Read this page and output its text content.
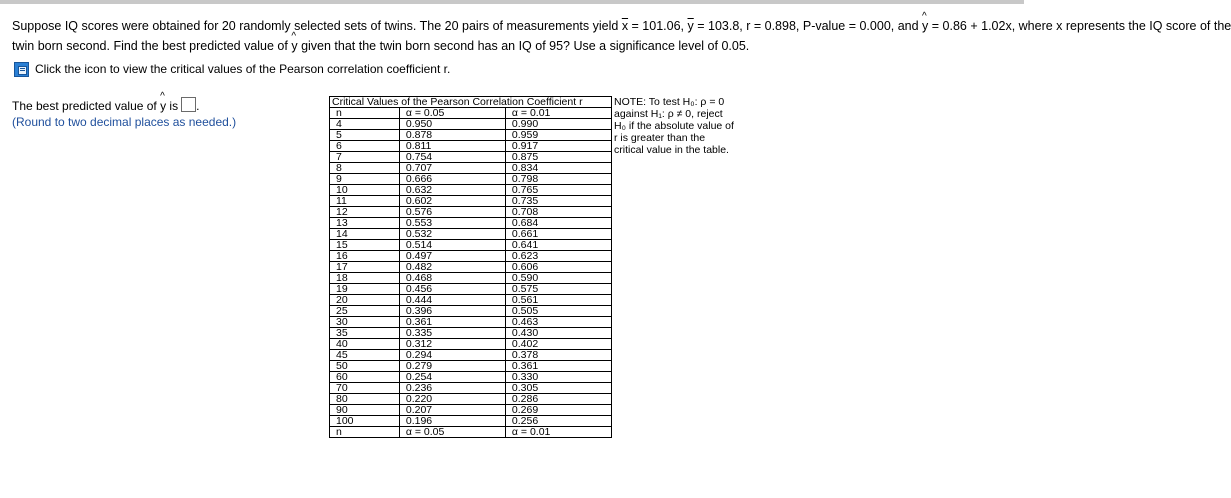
Suppose IQ scores were obtained for 20 randomly selected sets of twins. The 20 pairs of measurements yield $\overline{x} = 101.06$, $\overline{y} = 103.8$, r = 0.898, P-value = 0.000, and
^
y = 0.86 + 1.02x, where x represents the IQ score of the
twin born second. Find the best predicted value of
^
y given that the twin born second has an IQ of 95? Use a significance level of 0.05.
Click the icon to view the critical values of the Pearson correlation coefficient r.
The best predicted value of
^
y is .
(Round to two decimal places as needed.)
Critical Values of the Pearson Correlation Coefficient r		
n	α = 0.05	α = 0.01
4	0.950	0.990
5	0.878	0.959
6	0.811	0.917
7	0.754	0.875
8	0.707	0.834
9	0.666	0.798
10	0.632	0.765
11	0.602	0.735
12	0.576	0.708
13	0.553	0.684
14	0.532	0.661
15	0.514	0.641
16	0.497	0.623
17	0.482	0.606
18	0.468	0.590
19	0.456	0.575
20	0.444	0.561
25	0.396	0.505
30	0.361	0.463
35	0.335	0.430
40	0.312	0.402
45	0.294	0.378
50	0.279	0.361
60	0.254	0.330
70	0.236	0.305
80	0.220	0.286
90	0.207	0.269
100	0.196	0.256
n	α = 0.05	α = 0.01
NOTE: To test H₀: ρ = 0
against H₁: ρ ≠ 0, reject
H₀ if the absolute value of
r is greater than the
critical value in the table.
